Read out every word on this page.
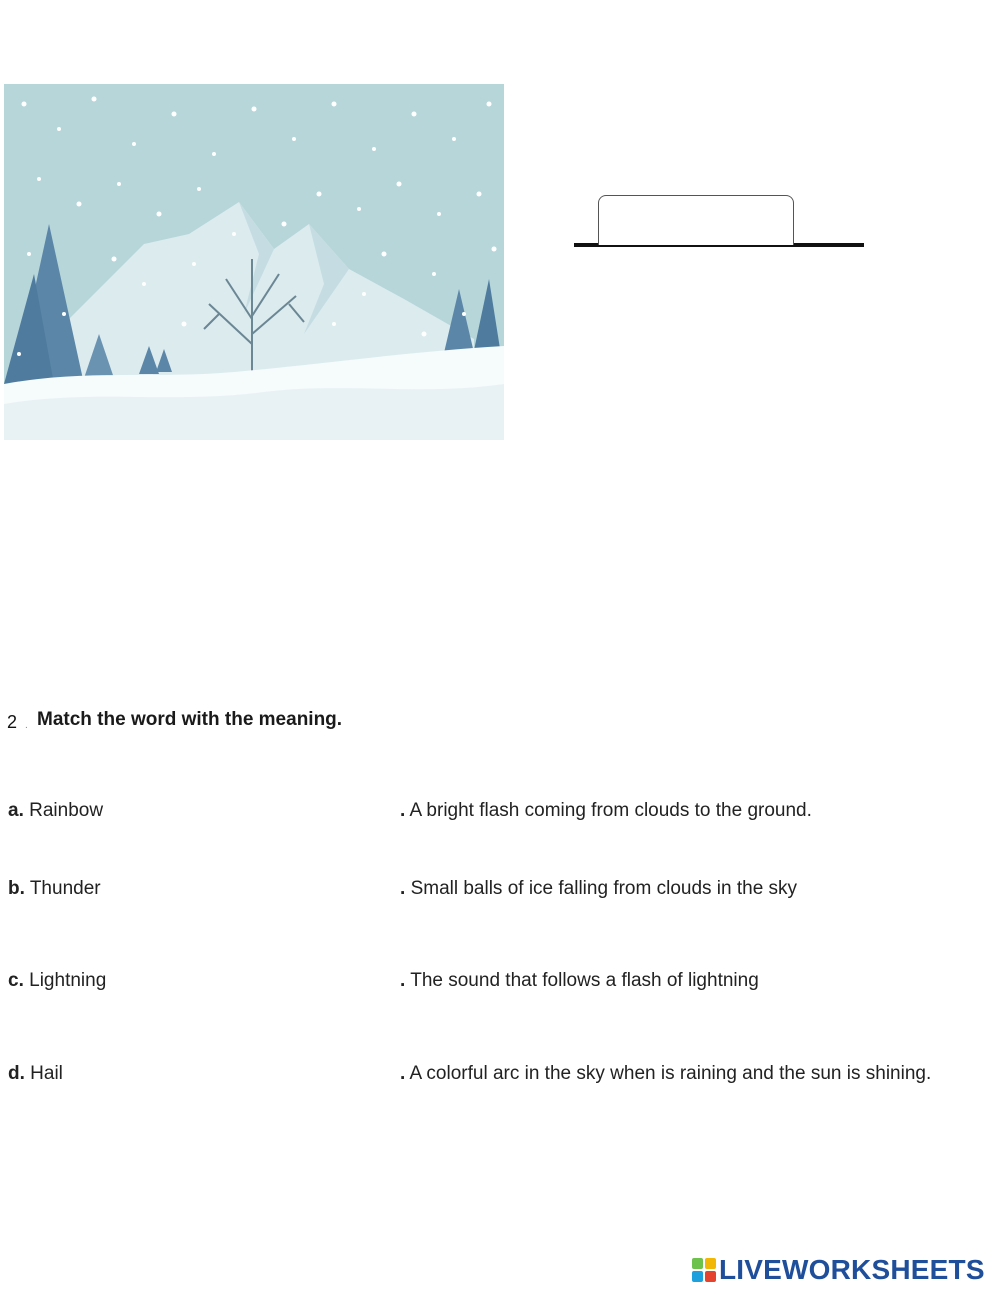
2 . Match the word with the meaning.
a. Rainbow
b. Thunder
c. Lightning
d. Hail
. A bright flash coming from clouds to the ground.
. Small balls of ice falling from clouds in the sky
. The sound that follows a flash of lightning
. A colorful arc in the sky when is raining and the sun is shining.
LIVEWORKSHEETS
